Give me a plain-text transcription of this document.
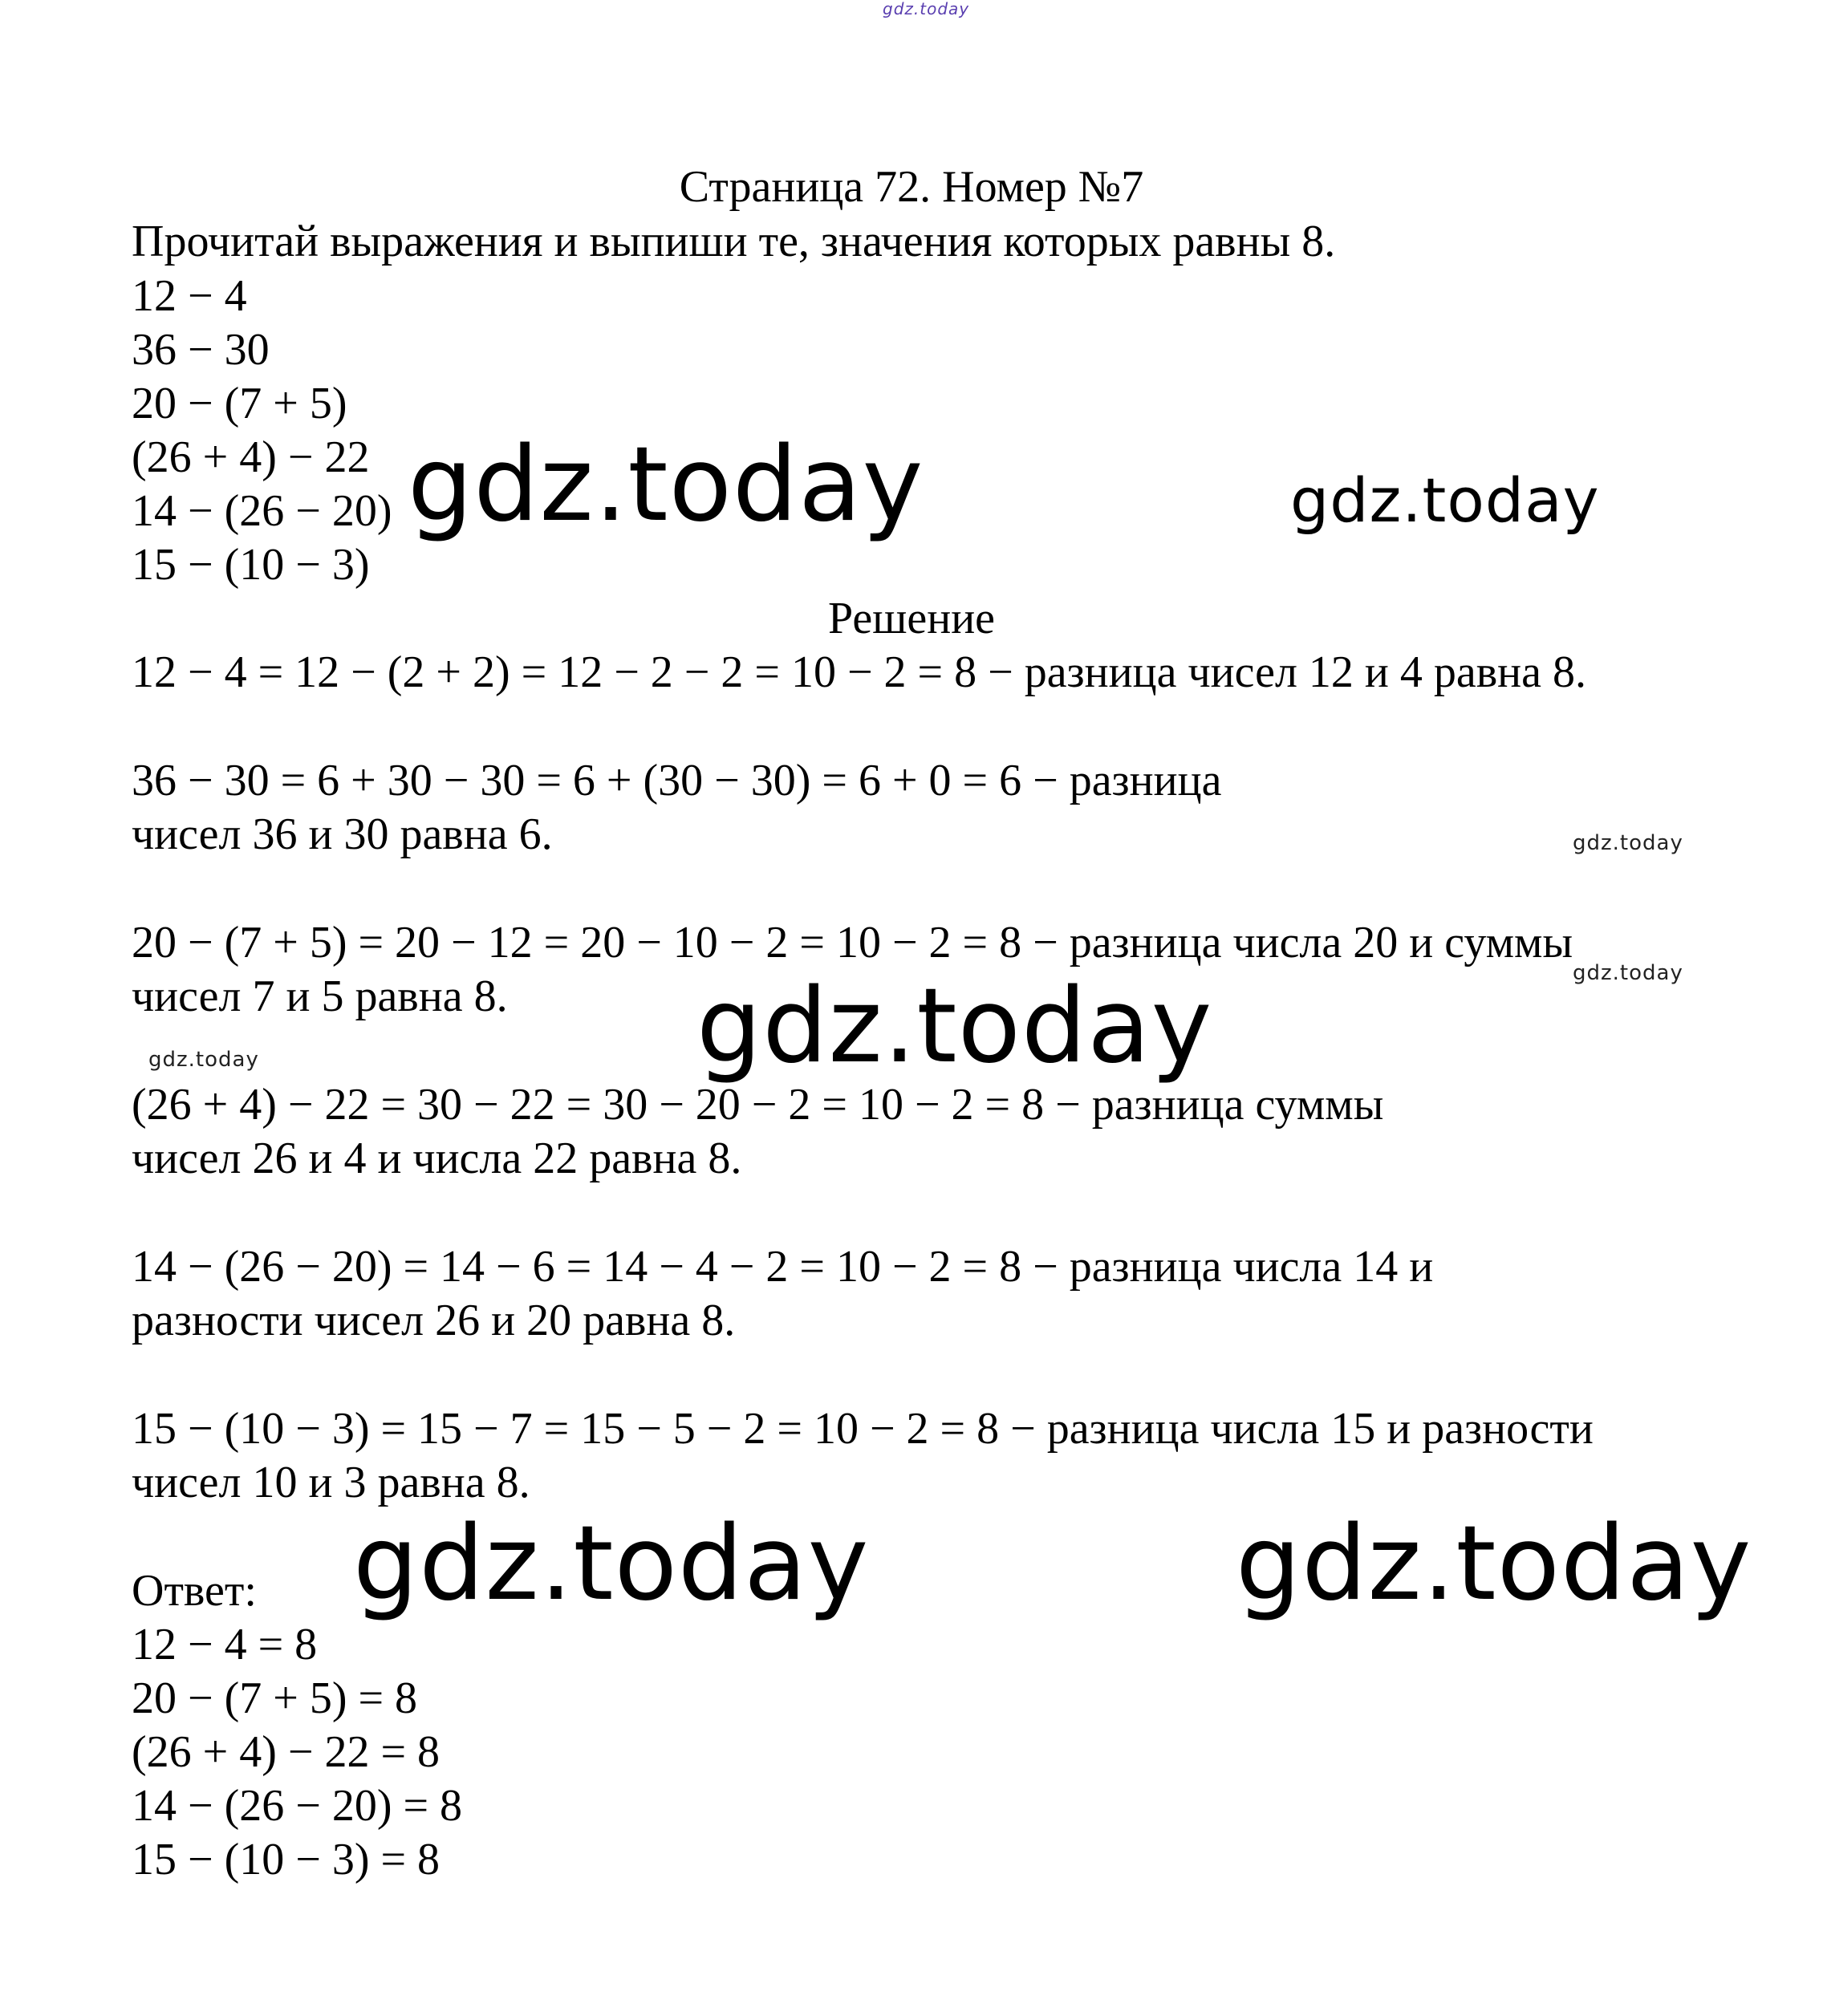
gdz.today
gdz.today	gdz.today
gdz.today
gdz.today
gdz.today
gdz.today
gdz.today	gdz.today
Страница 72. Номер №7
Прочитай выражения и выпиши те, значения которых равны 8.
12 − 4
36 − 30
20 − (7 + 5)
(26 + 4) − 22
14 − (26 − 20)
15 − (10 − 3)
Решение
12 − 4 = 12 − (2 + 2) = 12 − 2 − 2 = 10 − 2 = 8 − разница чисел 12 и 4 равна 8.
36 − 30 = 6 + 30 − 30 = 6 + (30 − 30) = 6 + 0 = 6 − разница
чисел 36 и 30 равна 6.
20 − (7 + 5) = 20 − 12 = 20 − 10 − 2 = 10 − 2 = 8 − разница числа 20 и суммы
чисел 7 и 5 равна 8.
(26 + 4) − 22 = 30 − 22 = 30 − 20 − 2 = 10 − 2 = 8 − разница суммы
чисел 26 и 4 и числа 22 равна 8.
14 − (26 − 20) = 14 − 6 = 14 − 4 − 2 = 10 − 2 = 8 − разница числа 14 и
разности чисел 26 и 20 равна 8.
15 − (10 − 3) = 15 − 7 = 15 − 5 − 2 = 10 − 2 = 8 − разница числа 15 и разности
чисел 10 и 3 равна 8.
Ответ:
12 − 4 = 8
20 − (7 + 5) = 8
(26 + 4) − 22 = 8
14 − (26 − 20) = 8
15 − (10 − 3) = 8
